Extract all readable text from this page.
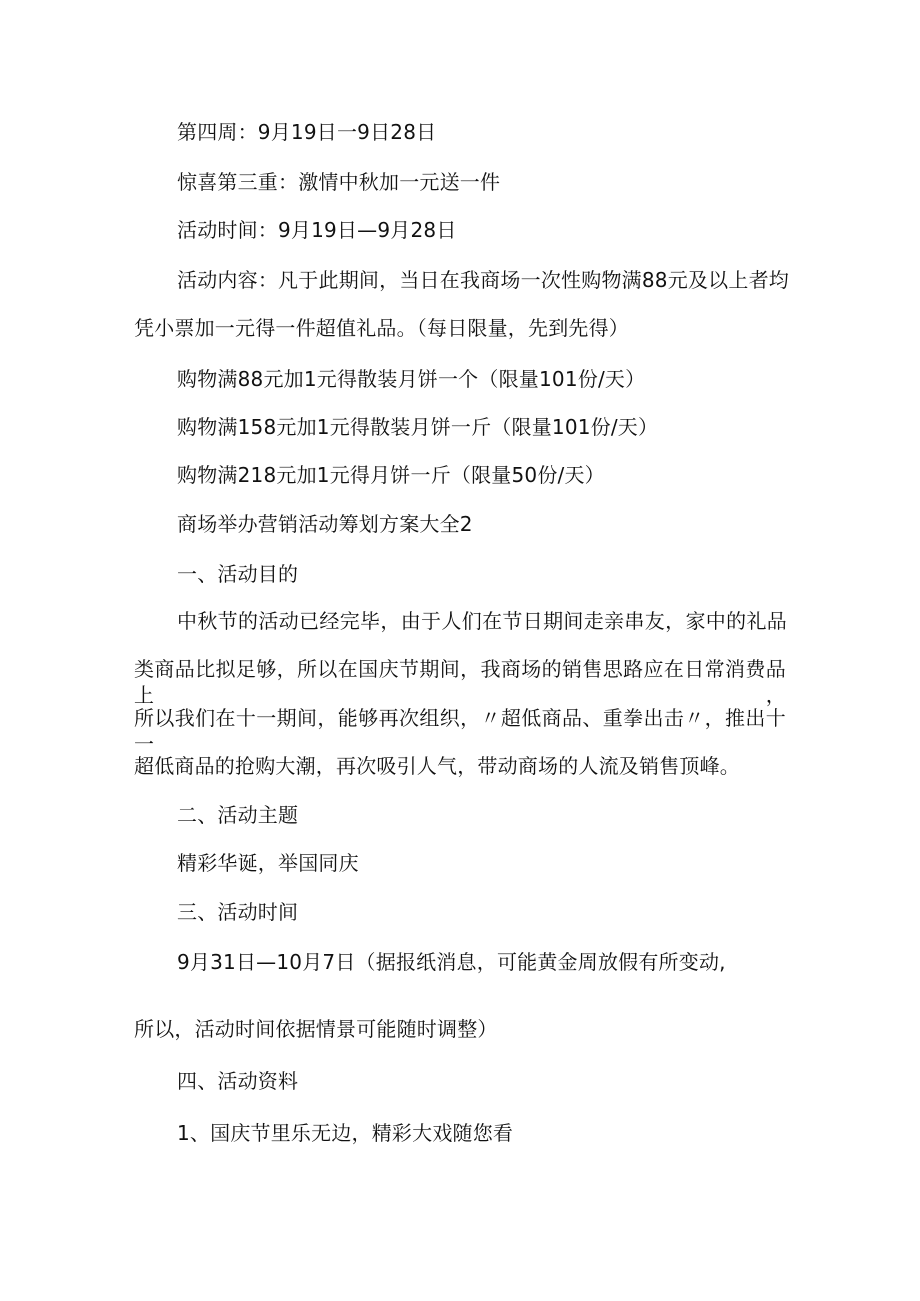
第四周：9月19日一9日28日
惊喜第三重：激情中秋加一元送一件
活动时间：9月19日—9月28日
活动内容：凡于此期间，当日在我商场一次性购物满88元及以上者均
凭小票加一元得一件超值礼品。（每日限量，先到先得）
购物满88元加1元得散装月饼一个（限量101份/天）
购物满158元加1元得散装月饼一斤（限量101份/天）
购物满218元加1元得月饼一斤（限量50份/天）
商场举办营销活动筹划方案大全2
一、活动目的
中秋节的活动已经完毕，由于人们在节日期间走亲串友，家中的礼品
类商品比拟足够，所以在国庆节期间，我商场的销售思路应在日常消费品上，
所以我们在十一期间，能够再次组织，〃超低商品、重拳出击〃，推出十一
超低商品的抢购大潮，再次吸引人气，带动商场的人流及销售顶峰。
二、活动主题
精彩华诞，举国同庆
三、活动时间
9月31日—10月7日（据报纸消息，可能黄金周放假有所变动,
所以，活动时间依据情景可能随时调整）
四、活动资料
1、国庆节里乐无边，精彩大戏随您看
